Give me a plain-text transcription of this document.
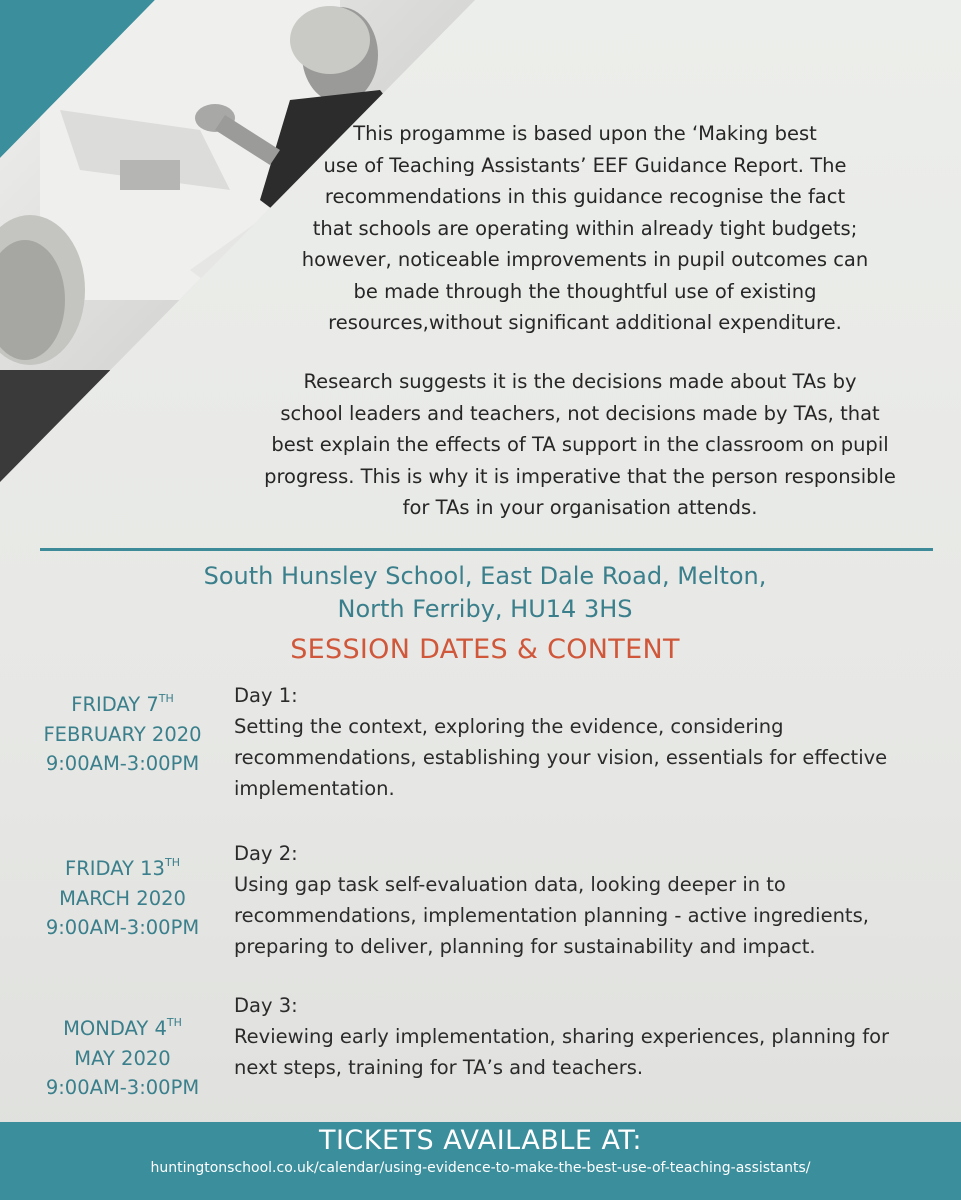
This progamme is based upon the ‘Making best
use of Teaching Assistants’ EEF Guidance Report. The
recommendations in this guidance recognise the fact
that schools are operating within already tight budgets;
however, noticeable improvements in pupil outcomes can
be made through the thoughtful use of existing
resources,without significant additional expenditure.
Research suggests it is the decisions made about TAs by
school leaders and teachers, not decisions made by TAs, that
best explain the effects of TA support in the classroom on pupil
progress. This is why it is imperative that the person responsible
for TAs in your organisation attends.
South Hunsley School, East Dale Road, Melton,
North Ferriby, HU14 3HS
SESSION DATES & CONTENT
FRIDAY 7TH
FEBRUARY 2020
9:00AM-3:00PM
Day 1:
Setting the context, exploring the evidence, considering
recommendations, establishing your vision, essentials for effective
implementation.
FRIDAY 13TH
MARCH 2020
9:00AM-3:00PM
Day 2:
Using gap task self-evaluation data, looking deeper in to
recommendations, implementation planning - active ingredients,
preparing to deliver, planning for sustainability and impact.
MONDAY 4TH
MAY 2020
9:00AM-3:00PM
Day 3:
Reviewing early implementation, sharing experiences, planning for
next steps, training for TA’s and teachers.
TICKETS AVAILABLE AT:
huntingtonschool.co.uk/calendar/using-evidence-to-make-the-best-use-of-teaching-assistants/
